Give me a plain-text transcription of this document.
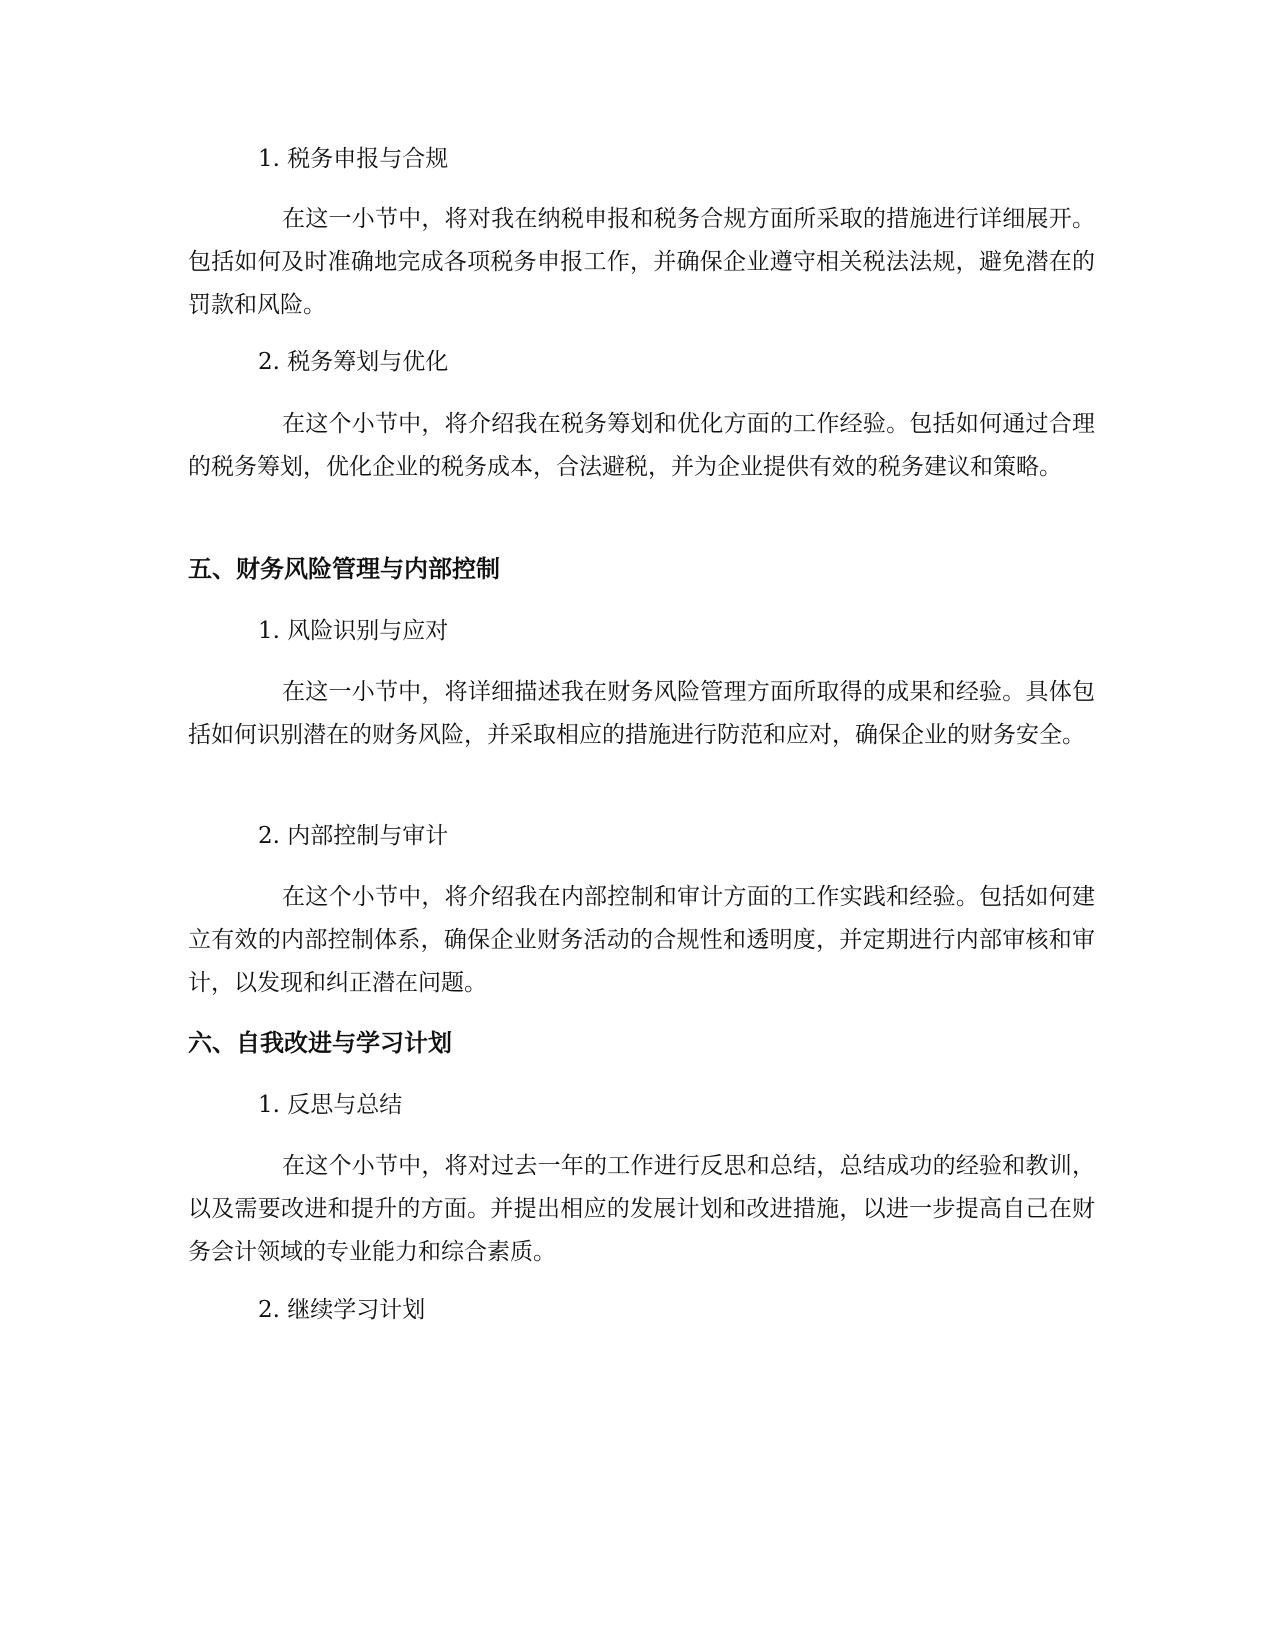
1. 税务申报与合规

在这一小节中，将对我在纳税申报和税务合规方面所采取的措施进行详细展开。包括如何及时准确地完成各项税务申报工作，并确保企业遵守相关税法法规，避免潜在的罚款和风险。

2. 税务筹划与优化

在这个小节中，将介绍我在税务筹划和优化方面的工作经验。包括如何通过合理的税务筹划，优化企业的税务成本，合法避税，并为企业提供有效的税务建议和策略。

五、财务风险管理与内部控制

1. 风险识别与应对

在这一小节中，将详细描述我在财务风险管理方面所取得的成果和经验。具体包括如何识别潜在的财务风险，并采取相应的措施进行防范和应对，确保企业的财务安全。

2. 内部控制与审计

在这个小节中，将介绍我在内部控制和审计方面的工作实践和经验。包括如何建立有效的内部控制体系，确保企业财务活动的合规性和透明度，并定期进行内部审核和审计，以发现和纠正潜在问题。

六、自我改进与学习计划

1. 反思与总结

在这个小节中，将对过去一年的工作进行反思和总结，总结成功的经验和教训，以及需要改进和提升的方面。并提出相应的发展计划和改进措施，以进一步提高自己在财务会计领域的专业能力和综合素质。

2. 继续学习计划
